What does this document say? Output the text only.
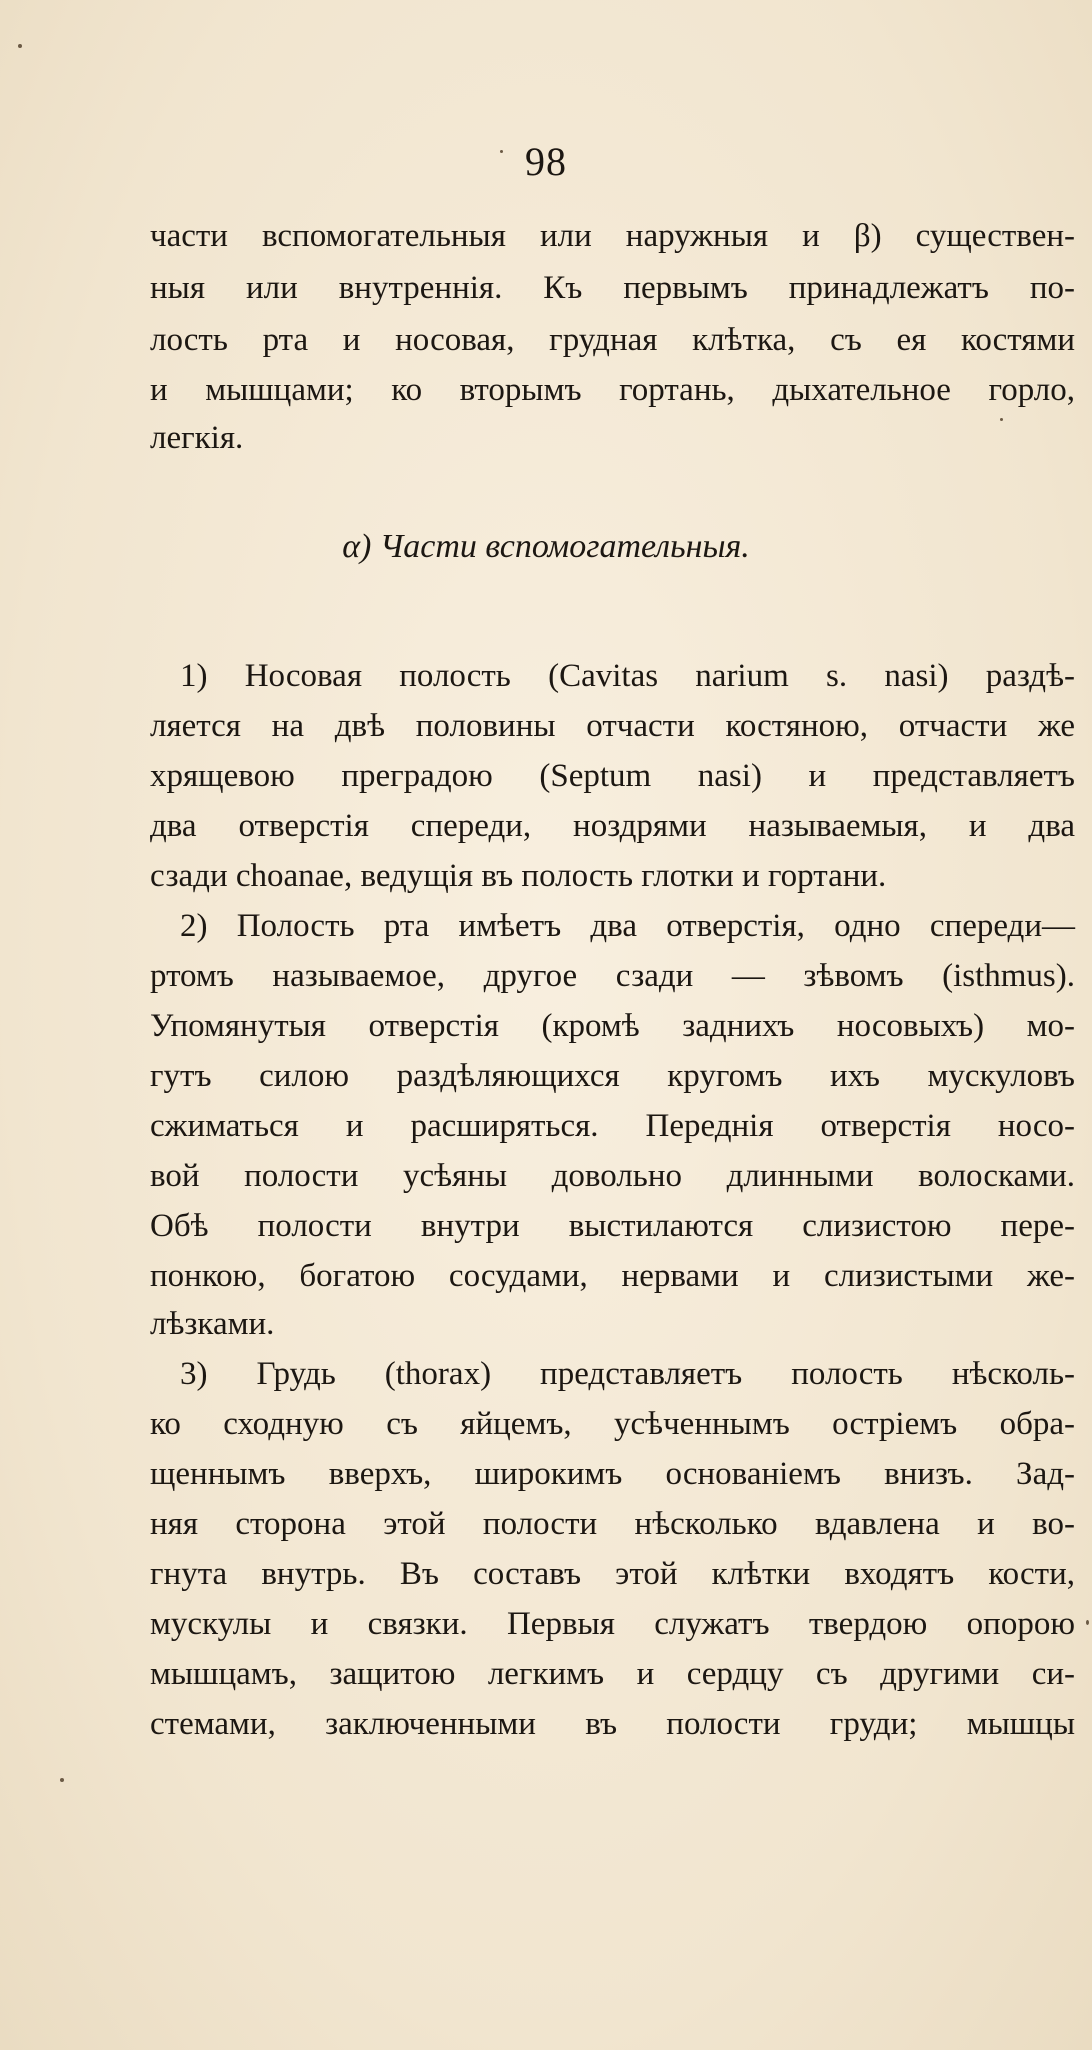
98
части вспомогательныя или наружныя и β) существен-
ныя или внутреннія. Къ первымъ принадлежатъ по-
лость рта и носовая, грудная клѣтка, съ ея костями
и мышцами; ко вторымъ гортань, дыхательное горло,
легкія.
α) Части вспомогательныя.
1) Носовая полость (Cavitas narium s. nasi) раздѣ-
ляется на двѣ половины отчасти костяною, отчасти же
хрящевою преградою (Septum nasi) и представляетъ
два отверстія спереди, ноздрями называемыя, и два
сзади choanae, ведущія въ полость глотки и гортани.
2) Полость рта имѣетъ два отверстія, одно спереди—
ртомъ называемое, другое сзади — зѣвомъ (isthmus).
Упомянутыя отверстія (кромѣ заднихъ носовыхъ) мо-
гутъ силою раздѣляющихся кругомъ ихъ мускуловъ
сжиматься и расширяться. Переднія отверстія носо-
вой полости усѣяны довольно длинными волосками.
Обѣ полости внутри выстилаются слизистою пере-
понкою, богатою сосудами, нервами и слизистыми же-
лѣзками.
3) Грудь (thorax) представляетъ полость нѣсколь-
ко сходную съ яйцемъ, усѣченнымъ остріемъ обра-
щеннымъ вверхъ, широкимъ основаніемъ внизъ. Зад-
няя сторона этой полости нѣсколько вдавлена и во-
гнута внутрь. Въ составъ этой клѣтки входятъ кости,
мускулы и связки. Первыя служатъ твердою опорою
мышцамъ, защитою легкимъ и сердцу съ другими си-
стемами, заключенными въ полости груди; мышцы
